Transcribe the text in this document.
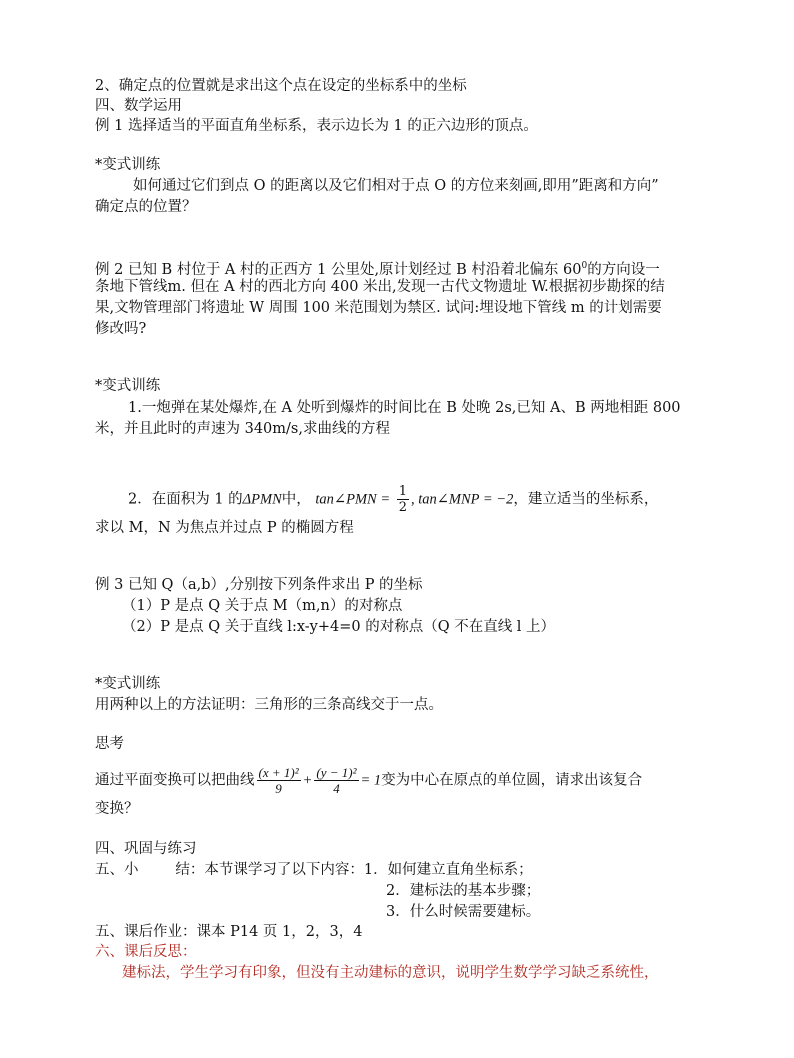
2、确定点的位置就是求出这个点在设定的坐标系中的坐标
四、数学运用
例 1 选择适当的平面直角坐标系，表示边长为 1 的正六边形的顶点。
*变式训练
如何通过它们到点 O 的距离以及它们相对于点 O 的方位来刻画,即用”距离和方向”
确定点的位置？
例 2 已知 B 村位于 A 村的正西方 1 公里处,原计划经过 B 村沿着北偏东 $60^0$的方向设一
条地下管线m. 但在 A 村的西北方向 400 米出,发现一古代文物遗址 W.根据初步勘探的结
果,文物管理部门将遗址 W 周围 100 米范围划为禁区. 试问:埋设地下管线 m 的计划需要
修改吗?
*变式训练
1.一炮弹在某处爆炸,在 A 处听到爆炸的时间比在 B 处晚 2s,已知 A、B 两地相距 800
米，并且此时的声速为 340m/s,求曲线的方程
2．在面积为 1 的ΔPMN中， tan∠PMN = $\frac{1}{2}$ , tan∠MNP = −2，建立适当的坐标系，
求以 M，N 为焦点并过点 P 的椭圆方程
例 3 已知 Q（a,b）,分别按下列条件求出 P 的坐标
（1）P 是点 Q 关于点 M（m,n）的对称点
（2）P 是点 Q 关于直线 l:x-y+4=0 的对称点（Q 不在直线 l 上）
*变式训练
用两种以上的方法证明：三角形的三条高线交于一点。
思考
通过平面变换可以把曲线 $\frac{\text{(x + 1)²}}{9} + \frac{\text{(y − 1)²}}{4} = 1$变为中心在原点的单位圆，请求出该复合
变换？
四、巩固与练习
五、小        结：本节课学习了以下内容：1．如何建立直角坐标系；
2．建标法的基本步骤；
3．什么时候需要建标。
五、课后作业：课本 P14 页 1，2，3，4
六、课后反思：
建标法，学生学习有印象，但没有主动建标的意识，说明学生数学学习缺乏系统性，
